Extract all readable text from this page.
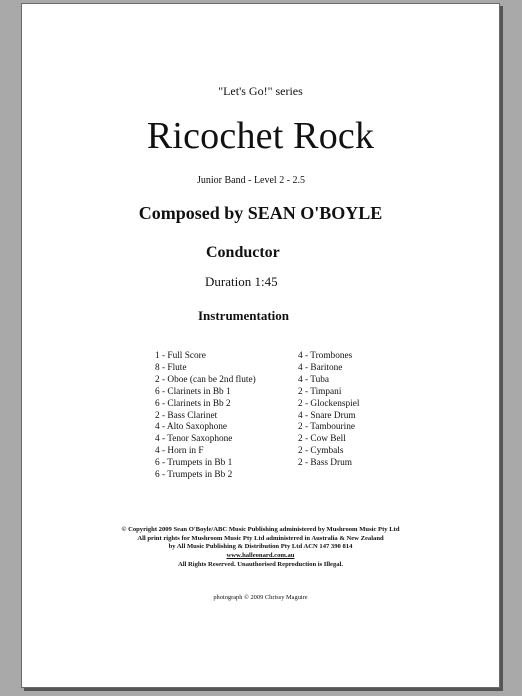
"Let's Go!" series
Ricochet Rock
Junior Band - Level 2 - 2.5
Composed by SEAN O'BOYLE
Conductor
Duration 1:45
Instrumentation
1 - Full Score
8 - Flute
2 - Oboe (can be 2nd flute)
6 - Clarinets in Bb 1
6 - Clarinets in Bb 2
2 - Bass Clarinet
4 - Alto Saxophone
4 - Tenor Saxophone
4 - Horn in F
6 - Trumpets in Bb 1
6 - Trumpets in Bb 2
4 - Trombones
4 - Baritone
4 - Tuba
2 - Timpani
2 - Glockenspiel
4 - Snare Drum
2 - Tambourine
2 - Cow Bell
2 - Cymbals
2 - Bass Drum
© Copyright 2009 Sean O'Boyle/ABC Music Publishing administered by Mushroom Music Pty Ltd
All print rights for Mushroom Music Pty Ltd administered in Australia & New Zealand
by All Music Publishing & Distribution Pty Ltd ACN 147 390 814
www.halleonard.com.au
All Rights Reserved. Unauthorised Reproduction is Illegal.
photograph © 2009 Chrissy Maguire
